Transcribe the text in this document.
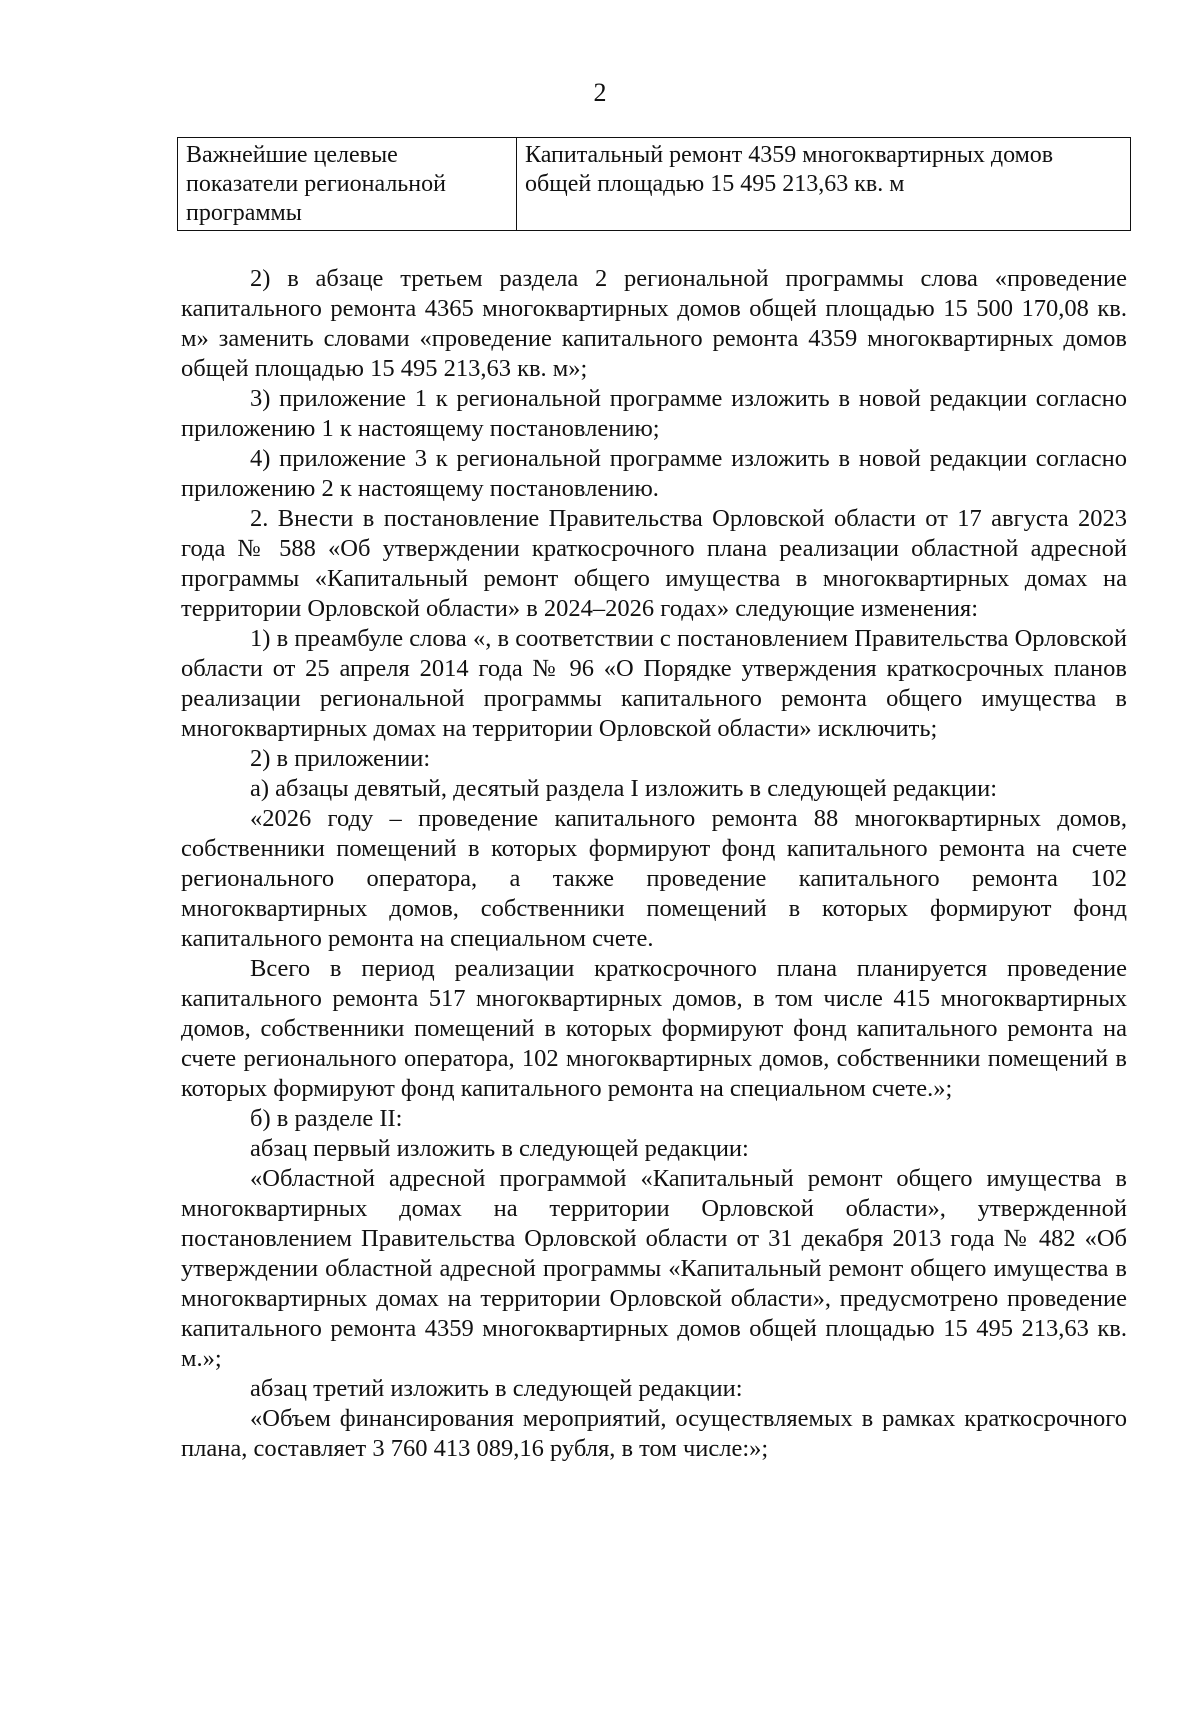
2
Важнейшие целевые показатели региональной программы	Капитальный ремонт 4359 многоквартирных домов общей площадью 15 495 213,63 кв. м

2) в абзаце третьем раздела 2 региональной программы слова «проведение капитального ремонта 4365 многоквартирных домов общей площадью 15 500 170,08 кв. м» заменить словами «проведение капитального ремонта 4359 многоквартирных домов общей площадью 15 495 213,63 кв. м»;

3) приложение 1 к региональной программе изложить в новой редакции согласно приложению 1 к настоящему постановлению;

4) приложение 3 к региональной программе изложить в новой редакции согласно приложению 2 к настоящему постановлению.

2. Внести в постановление Правительства Орловской области от 17 августа 2023 года № 588 «Об утверждении краткосрочного плана реализации областной адресной программы «Капитальный ремонт общего имущества в многоквартирных домах на территории Орловской области» в 2024–2026 годах» следующие изменения:

1) в преамбуле слова «, в соответствии с постановлением Правительства Орловской области от 25 апреля 2014 года № 96 «О Порядке утверждения краткосрочных планов реализации региональной программы капитального ремонта общего имущества в многоквартирных домах на территории Орловской области» исключить;

2) в приложении:

а) абзацы девятый, десятый раздела I изложить в следующей редакции:

«2026 году – проведение капитального ремонта 88 многоквартирных домов, собственники помещений в которых формируют фонд капитального ремонта на счете регионального оператора, а также проведение капитального ремонта 102 многоквартирных домов, собственники помещений в которых формируют фонд капитального ремонта на специальном счете.

Всего в период реализации краткосрочного плана планируется проведение капитального ремонта 517 многоквартирных домов, в том числе 415 многоквартирных домов, собственники помещений в которых формируют фонд капитального ремонта на счете регионального оператора, 102 многоквартирных домов, собственники помещений в которых формируют фонд капитального ремонта на специальном счете.»;

б) в разделе II:

абзац первый изложить в следующей редакции:

«Областной адресной программой «Капитальный ремонт общего имущества в многоквартирных домах на территории Орловской области», утвержденной постановлением Правительства Орловской области от 31 декабря 2013 года № 482 «Об утверждении областной адресной программы «Капитальный ремонт общего имущества в многоквартирных домах на территории Орловской области», предусмотрено проведение капитального ремонта 4359 многоквартирных домов общей площадью 15 495 213,63 кв. м.»;

абзац третий изложить в следующей редакции:

«Объем финансирования мероприятий, осуществляемых в рамках краткосрочного плана, составляет 3 760 413 089,16 рубля, в том числе:»;
